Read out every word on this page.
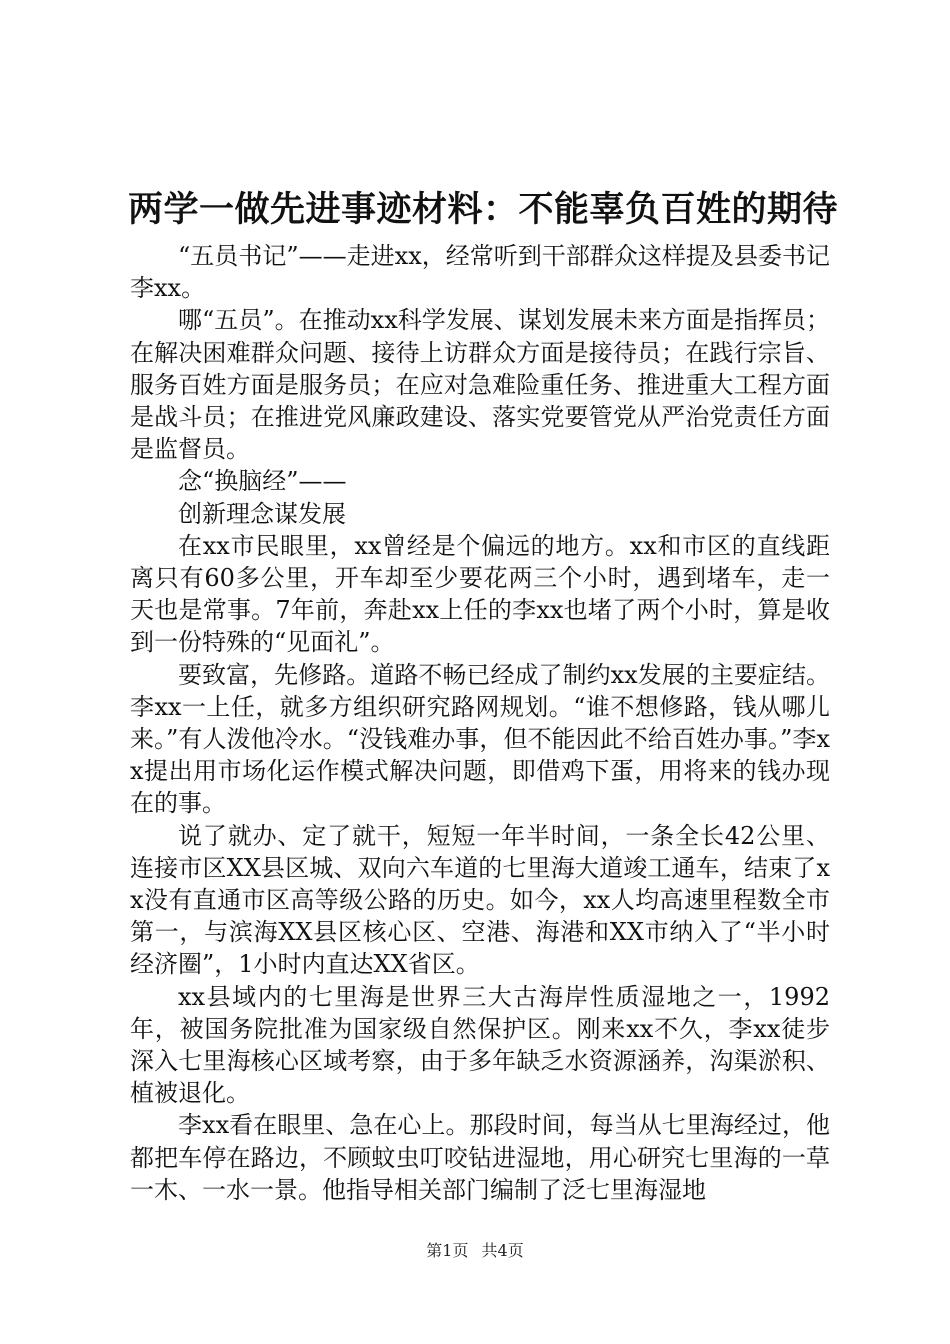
两学一做先进事迹材料：不能辜负百姓的期待

“五员书记”——走进xx，经常听到干部群众这样提及县委书记李xx。

哪“五员”。在推动xx科学发展、谋划发展未来方面是指挥员；在解决困难群众问题、接待上访群众方面是接待员；在践行宗旨、服务百姓方面是服务员；在应对急难险重任务、推进重大工程方面是战斗员；在推进党风廉政建设、落实党要管党从严治党责任方面是监督员。

念“换脑经”——

创新理念谋发展

在xx市民眼里，xx曾经是个偏远的地方。xx和市区的直线距离只有60多公里，开车却至少要花两三个小时，遇到堵车，走一天也是常事。7年前，奔赴xx上任的李xx也堵了两个小时，算是收到一份特殊的“见面礼”。

要致富，先修路。道路不畅已经成了制约xx发展的主要症结。李xx一上任，就多方组织研究路网规划。“谁不想修路，钱从哪儿来。”有人泼他冷水。“没钱难办事，但不能因此不给百姓办事。”李xx提出用市场化运作模式解决问题，即借鸡下蛋，用将来的钱办现在的事。

说了就办、定了就干，短短一年半时间，一条全长42公里、连接市区XX县区城、双向六车道的七里海大道竣工通车，结束了xx没有直通市区高等级公路的历史。如今，xx人均高速里程数全市第一，与滨海XX县区核心区、空港、海港和XX市纳入了“半小时经济圈”，1小时内直达XX省区。

xx县域内的七里海是世界三大古海岸性质湿地之一，1992年，被国务院批准为国家级自然保护区。刚来xx不久，李xx徒步深入七里海核心区域考察，由于多年缺乏水资源涵养，沟渠淤积、植被退化。

李xx看在眼里、急在心上。那段时间，每当从七里海经过，他都把车停在路边，不顾蚊虫叮咬钻进湿地，用心研究七里海的一草一木、一水一景。他指导相关部门编制了泛七里海湿地

第1页 共4页
